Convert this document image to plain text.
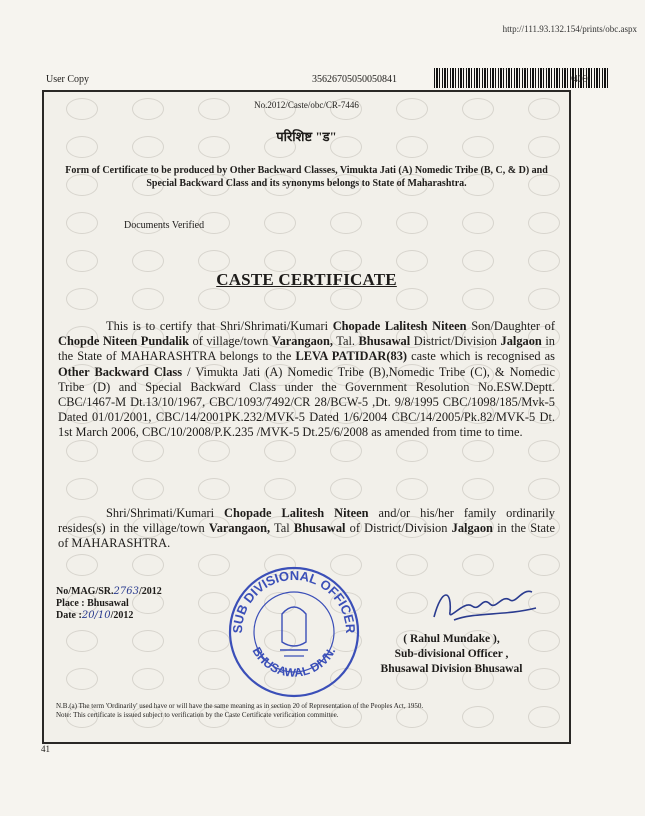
http://111.93.132.154/prints/obc.aspx
User Copy	35626705050050841	/409
No.2012/Caste/obc/CR-7446
परिशिष्ट "ड"
Form of Certificate to be produced by Other Backward Classes, Vimukta Jati (A) Nomedic Tribe (B, C, & D) and Special Backward Class and its synonyms belongs to State of Maharashtra.
Documents Verified
CASTE CERTIFICATE
This is to certify that Shri/Shrimati/Kumari Chopade Lalitesh Niteen Son/Daughter of Chopde Niteen Pundalik of village/town Varangaon, Tal. Bhusawal District/Division Jalgaon in the State of MAHARASHTRA belongs to the LEVA PATIDAR(83) caste which is recognised as Other Backward Class / Vimukta Jati (A) Nomedic Tribe (B),Nomedic Tribe (C), & Nomedic Tribe (D) and Special Backward Class under the Government Resolution No.ESW.Deptt. CBC/1467-M Dt.13/10/1967, CBC/1093/7492/CR 28/BCW-5 ,Dt. 9/8/1995 CBC/1098/185/Mvk-5 Dated 01/01/2001, CBC/14/2001PK.232/MVK-5 Dated 1/6/2004 CBC/14/2005/Pk.82/MVK-5 Dt. 1st March 2006, CBC/10/2008/P.K.235 /MVK-5 Dt.25/6/2008 as amended from time to time.
Shri/Shrimati/Kumari Chopade Lalitesh Niteen and/or his/her family ordinarily resides(s) in the village/town Varangaon, Tal Bhusawal of District/Division Jalgaon in the State of MAHARASHTRA.
No/MAG/SR.2763/2012
Place : Bhusawal
Date :20/10/2012
SUB DIVISIONAL OFFICER
BHUSAWAL DIVN.
( Rahul Mundake ),
Sub-divisional Officer ,
Bhusawal Division Bhusawal
N.B.(a) The term 'Ordinarily' used have or will have the same meaning as in section 20 of Representation of the Peoples Act, 1950.
Note: This certificate is issued subject to verification by the Caste Certificate verification committee.
41
